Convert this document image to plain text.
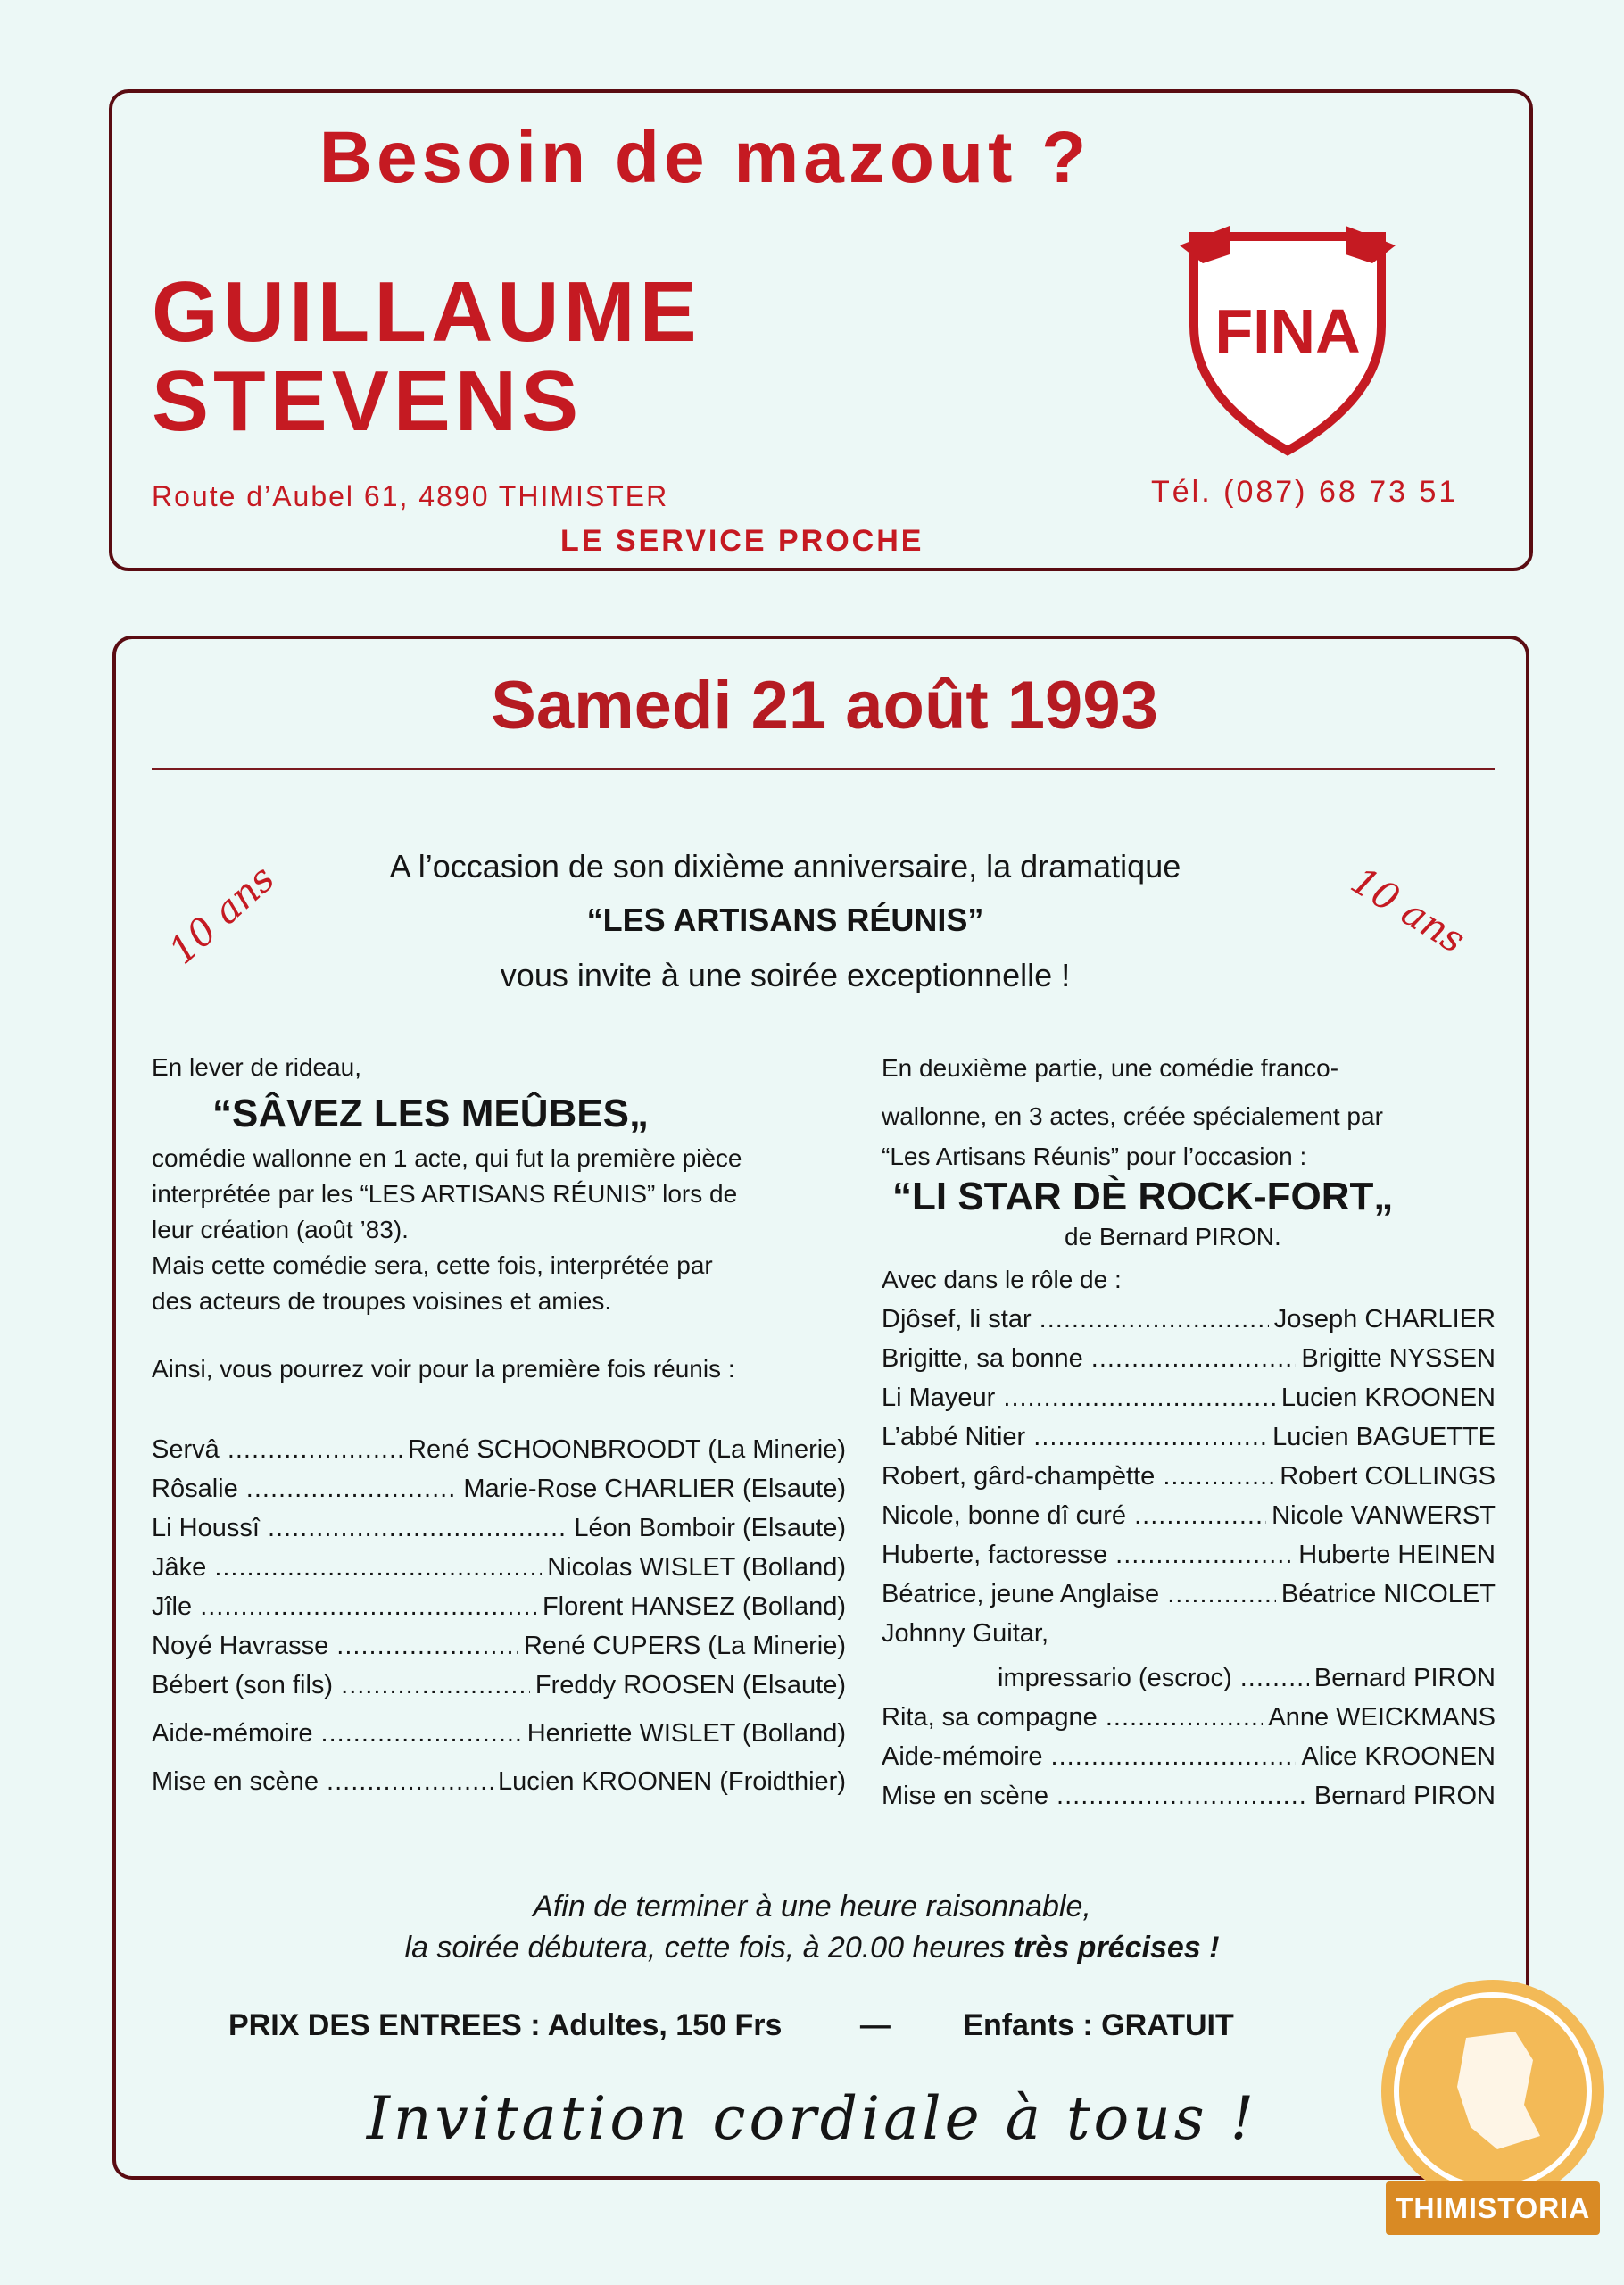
Besoin de mazout ?
GUILLAUME
STEVENS
FINA
Route d’Aubel 61, 4890 THIMISTER	Tél. (087) 68 73 51
LE SERVICE PROCHE
Samedi 21 août 1993
10 ans	10 ans
A l’occasion de son dixième anniversaire, la dramatique
“LES ARTISANS RÉUNIS”
vous invite à une soirée exceptionnelle !
En lever de rideau,
“SÂVEZ LES MEÛBES„
comédie wallonne en 1 acte, qui fut la première pièce
interprétée par les “LES ARTISANS RÉUNIS” lors de
leur création (août ’83).
Mais cette comédie sera, cette fois, interprétée par
des acteurs de troupes voisines et amies.
Ainsi, vous pourrez voir pour la première fois réunis :
Servâ .....	René SCHOONBROODT (La Minerie)
Rôsalie .....	Marie-Rose CHARLIER (Elsaute)
Li Houssî .....	Léon Bomboir (Elsaute)
Jâke .....	Nicolas WISLET (Bolland)
Jîle .....	Florent HANSEZ (Bolland)
Noyé Havrasse .....	René CUPERS (La Minerie)
Bébert (son fils) .....	Freddy ROOSEN (Elsaute)
Aide-mémoire .....	Henriette WISLET (Bolland)
Mise en scène .....	Lucien KROONEN (Froidthier)
En deuxième partie, une comédie franco-
wallonne, en 3 actes, créée spécialement par
“Les Artisans Réunis” pour l’occasion :
“LI STAR DÈ ROCK-FORT„
de Bernard PIRON.
Avec dans le rôle de :
Djôsef, li star .....	Joseph CHARLIER
Brigitte, sa bonne .....	Brigitte NYSSEN
Li Mayeur .....	Lucien KROONEN
L’abbé Nitier .....	Lucien BAGUETTE
Robert, gârd-champètte .....	Robert COLLINGS
Nicole, bonne dî curé .....	Nicole VANWERST
Huberte, factoresse .....	Huberte HEINEN
Béatrice, jeune Anglaise .....	Béatrice NICOLET
Johnny Guitar,
impressario (escroc) .....	Bernard PIRON
Rita, sa compagne .....	Anne WEICKMANS
Aide-mémoire .....	Alice KROONEN
Mise en scène .....	Bernard PIRON
Afin de terminer à une heure raisonnable,
la soirée débutera, cette fois, à 20.00 heures très précises !
PRIX DES ENTREES : Adultes, 150 Frs	— Enfants : GRATUIT
Invitation cordiale à tous !
THIMISTORIA
